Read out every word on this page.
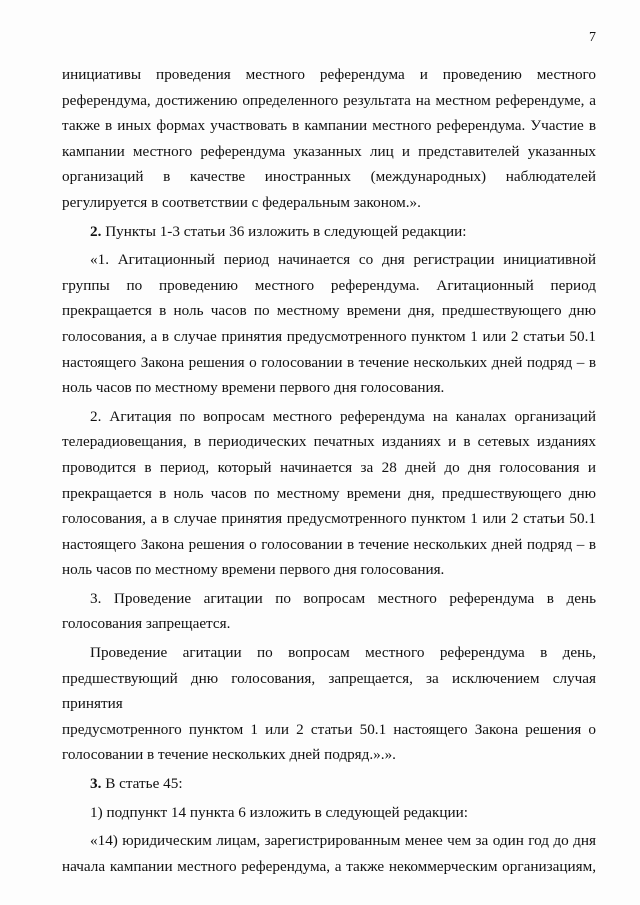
7

инициативы проведения местного референдума и проведению местного

референдума, достижению определенного результата на местном референдуме, а

также в иных формах участвовать в кампании местного референдума. Участие в

кампании местного референдума указанных лиц и представителей указанных

организаций в качестве иностранных (международных) наблюдателей

регулируется в соответствии с федеральным законом.».

2. Пункты 1-3 статьи 36 изложить в следующей редакции:

«1. Агитационный период начинается со дня регистрации инициативной

группы по проведению местного референдума. Агитационный период

прекращается в ноль часов по местному времени дня, предшествующего дню

голосования, а в случае принятия предусмотренного пунктом 1 или 2 статьи 50.1

настоящего Закона решения о голосовании в течение нескольких дней подряд – в

ноль часов по местному времени первого дня голосования.

2. Агитация по вопросам местного референдума на каналах организаций

телерадиовещания, в периодических печатных изданиях и в сетевых изданиях

проводится в период, который начинается за 28 дней до дня голосования и

прекращается в ноль часов по местному времени дня, предшествующего дню

голосования, а в случае принятия предусмотренного пунктом 1 или 2 статьи 50.1

настоящего Закона решения о голосовании в течение нескольких дней подряд – в

ноль часов по местному времени первого дня голосования.

3. Проведение агитации по вопросам местного референдума в день

голосования запрещается.

Проведение агитации по вопросам местного референдума в день,

предшествующий дню голосования, запрещается, за исключением случая принятия

предусмотренного пунктом 1 или 2 статьи 50.1 настоящего Закона решения о

голосовании в течение нескольких дней подряд.».».

3. В статье 45:

1) подпункт 14 пункта 6 изложить в следующей редакции:

«14) юридическим лицам, зарегистрированным менее чем за один год до дня

начала кампании местного референдума, а также некоммерческим организациям,
